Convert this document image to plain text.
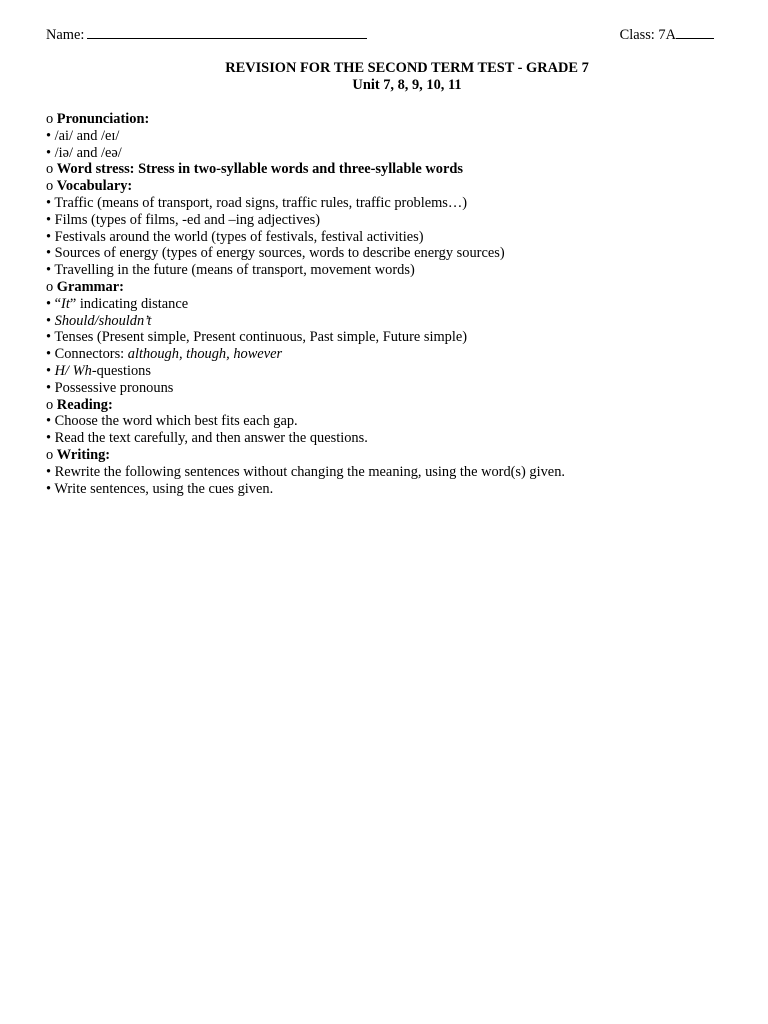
Name:	Class: 7A
REVISION FOR THE SECOND TERM TEST - GRADE 7
Unit 7, 8, 9, 10, 11
o Pronunciation:
• /ai/ and /eɪ/
• /iə/ and /eə/
o Word stress: Stress in two-syllable words and three-syllable words
o Vocabulary:
• Traffic (means of transport, road signs, traffic rules, traffic problems…)
• Films (types of films, -ed and –ing adjectives)
• Festivals around the world (types of festivals, festival activities)
• Sources of energy (types of energy sources, words to describe energy sources)
• Travelling in the future (means of transport, movement words)
o Grammar:
• “It” indicating distance
• Should/shouldn’t
• Tenses (Present simple, Present continuous, Past simple, Future simple)
• Connectors: although, though, however
• H/ Wh-questions
• Possessive pronouns
o Reading:
• Choose the word which best fits each gap.
• Read the text carefully, and then answer the questions.
o Writing:
• Rewrite the following sentences without changing the meaning, using the word(s) given.
• Write sentences, using the cues given.
